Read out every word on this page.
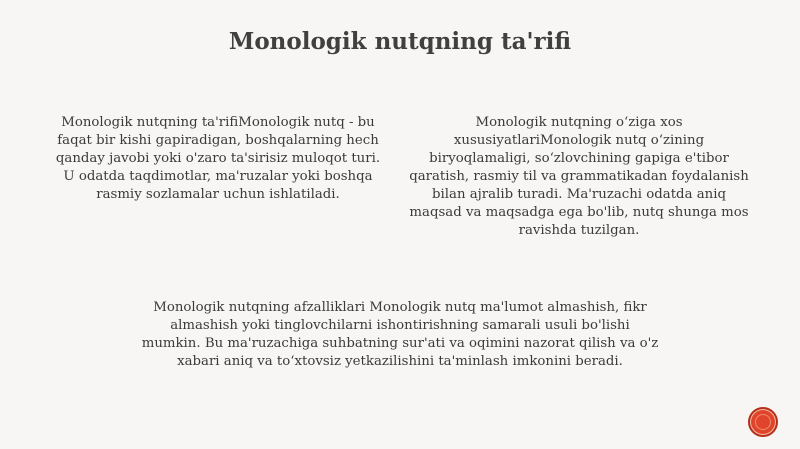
Monologik nutqning ta'rifi
Monologik nutqning ta'rifiMonologik nutq - bu faqat bir kishi gapiradigan, boshqalarning hech qanday javobi yoki o'zaro ta'sirisiz muloqot turi. U odatda taqdimotlar, ma'ruzalar yoki boshqa rasmiy sozlamalar uchun ishlatiladi.
Monologik nutqning o‘ziga xos xususiyatlariMonologik nutq o‘zining biryoqlamaligi, so‘zlovchining gapiga e'tibor qaratish, rasmiy til va grammatikadan foydalanish bilan ajralib turadi. Ma'ruzachi odatda aniq maqsad va maqsadga ega bo'lib, nutq shunga mos ravishda tuzilgan.
Monologik nutqning afzalliklari Monologik nutq ma'lumot almashish, fikr almashish yoki tinglovchilarni ishontirishning samarali usuli bo'lishi mumkin. Bu ma'ruzachiga suhbatning sur'ati va oqimini nazorat qilish va o'z xabari aniq va to‘xtovsiz yetkazilishini ta'minlash imkonini beradi.
